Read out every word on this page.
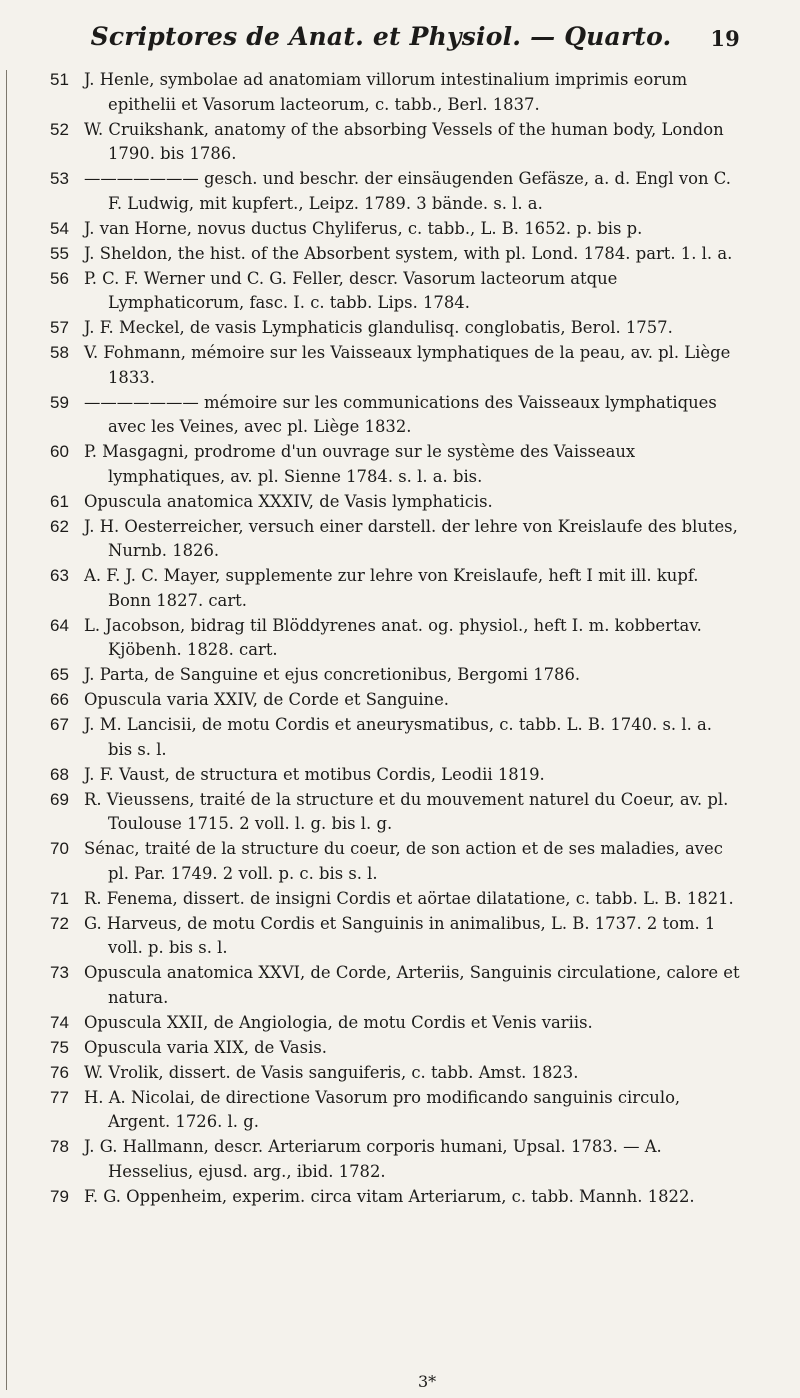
Scriptores de Anat. et Physiol. — Quarto. 19
51 J. Henle, symbolae ad anatomiam villorum intestinalium imprimis eorum epithelii et Vasorum lacteorum, c. tabb., Berl. 1837.
52 W. Cruikshank, anatomy of the absorbing Vessels of the human body, London 1790. bis 1786.
53 ——————— gesch. und beschr. der einsäugenden Gefäsze, a. d. Engl von C. F. Ludwig, mit kupfert., Leipz. 1789. 3 bände. s. l. a.
54 J. van Horne, novus ductus Chyliferus, c. tabb., L. B. 1652. p. bis p.
55 J. Sheldon, the hist. of the Absorbent system, with pl. Lond. 1784. part. 1. l. a.
56 P. C. F. Werner und C. G. Feller, descr. Vasorum lacteorum atque Lymphaticorum, fasc. I. c. tabb. Lips. 1784.
57 J. F. Meckel, de vasis Lymphaticis glandulisq. conglobatis, Berol. 1757.
58 V. Fohmann, mémoire sur les Vaisseaux lymphatiques de la peau, av. pl. Liège 1833.
59 ——————— mémoire sur les communications des Vaisseaux lymphatiques avec les Veines, avec pl. Liège 1832.
60 P. Masgagni, prodrome d'un ouvrage sur le système des Vaisseaux lymphatiques, av. pl. Sienne 1784. s. l. a. bis.
61 Opuscula anatomica XXXIV, de Vasis lymphaticis.
62 J. H. Oesterreicher, versuch einer darstell. der lehre von Kreislaufe des blutes, Nurnb. 1826.
63 A. F. J. C. Mayer, supplemente zur lehre von Kreislaufe, heft I mit ill. kupf. Bonn 1827. cart.
64 L. Jacobson, bidrag til Blöddyrenes anat. og. physiol., heft I. m. kobbertav. Kjöbenh. 1828. cart.
65 J. Parta, de Sanguine et ejus concretionibus, Bergomi 1786.
66 Opuscula varia XXIV, de Corde et Sanguine.
67 J. M. Lancisii, de motu Cordis et aneurysmatibus, c. tabb. L. B. 1740. s. l. a. bis s. l.
68 J. F. Vaust, de structura et motibus Cordis, Leodii 1819.
69 R. Vieussens, traité de la structure et du mouvement naturel du Coeur, av. pl. Toulouse 1715. 2 voll. l. g. bis l. g.
70 Sénac, traité de la structure du coeur, de son action et de ses maladies, avec pl. Par. 1749. 2 voll. p. c. bis s. l.
71 R. Fenema, dissert. de insigni Cordis et aörtae dilatatione, c. tabb. L. B. 1821.
72 G. Harveus, de motu Cordis et Sanguinis in animalibus, L. B. 1737. 2 tom. 1 voll. p. bis s. l.
73 Opuscula anatomica XXVI, de Corde, Arteriis, Sanguinis circulatione, calore et natura.
74 Opuscula XXII, de Angiologia, de motu Cordis et Venis variis.
75 Opuscula varia XIX, de Vasis.
76 W. Vrolik, dissert. de Vasis sanguiferis, c. tabb. Amst. 1823.
77 H. A. Nicolai, de directione Vasorum pro modificando sanguinis circulo, Argent. 1726. l. g.
78 J. G. Hallmann, descr. Arteriarum corporis humani, Upsal. 1783. — A. Hesselius, ejusd. arg., ibid. 1782.
79 F. G. Oppenheim, experim. circa vitam Arteriarum, c. tabb. Mannh. 1822.
3*
